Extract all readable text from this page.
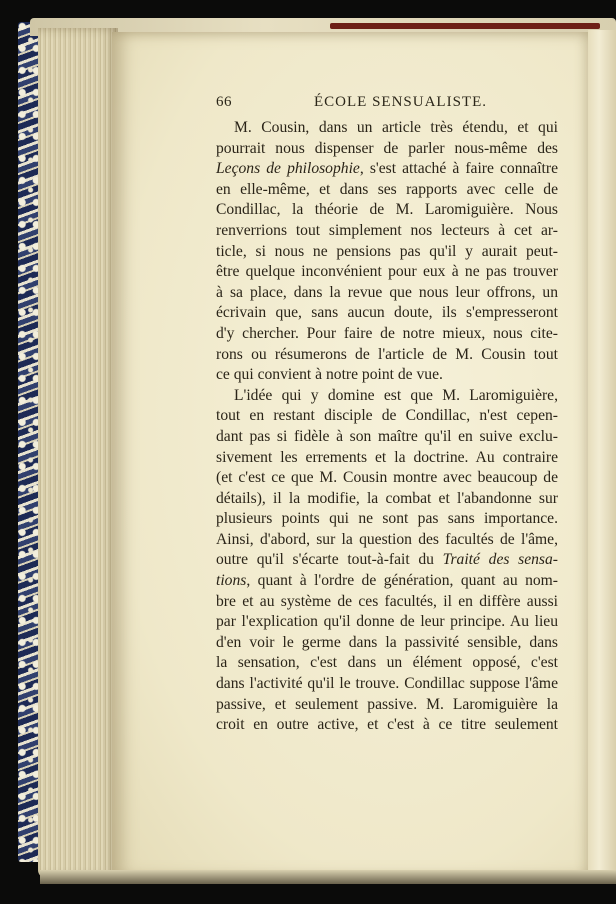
66	ÉCOLE SENSUALISTE.
M. Cousin, dans un article très étendu, et qui
pourrait nous dispenser de parler nous-même des
Leçons de philosophie, s'est attaché à faire connaître
en elle-même, et dans ses rapports avec celle de
Condillac, la théorie de M. Laromiguière. Nous
renverrions tout simplement nos lecteurs à cet ar-
ticle, si nous ne pensions pas qu'il y aurait peut-
être quelque inconvénient pour eux à ne pas trouver
à sa place, dans la revue que nous leur offrons, un
écrivain que, sans aucun doute, ils s'empresseront
d'y chercher. Pour faire de notre mieux, nous cite-
rons ou résumerons de l'article de M. Cousin tout
ce qui convient à notre point de vue.
L'idée qui y domine est que M. Laromiguière,
tout en restant disciple de Condillac, n'est cepen-
dant pas si fidèle à son maître qu'il en suive exclu-
sivement les errements et la doctrine. Au contraire
(et c'est ce que M. Cousin montre avec beaucoup de
détails), il la modifie, la combat et l'abandonne sur
plusieurs points qui ne sont pas sans importance.
Ainsi, d'abord, sur la question des facultés de l'âme,
outre qu'il s'écarte tout-à-fait du Traité des sensa-
tions, quant à l'ordre de génération, quant au nom-
bre et au système de ces facultés, il en diffère aussi
par l'explication qu'il donne de leur principe. Au lieu
d'en voir le germe dans la passivité sensible, dans
la sensation, c'est dans un élément opposé, c'est
dans l'activité qu'il le trouve. Condillac suppose l'âme
passive, et seulement passive. M. Laromiguière la
croit en outre active, et c'est à ce titre seulement
